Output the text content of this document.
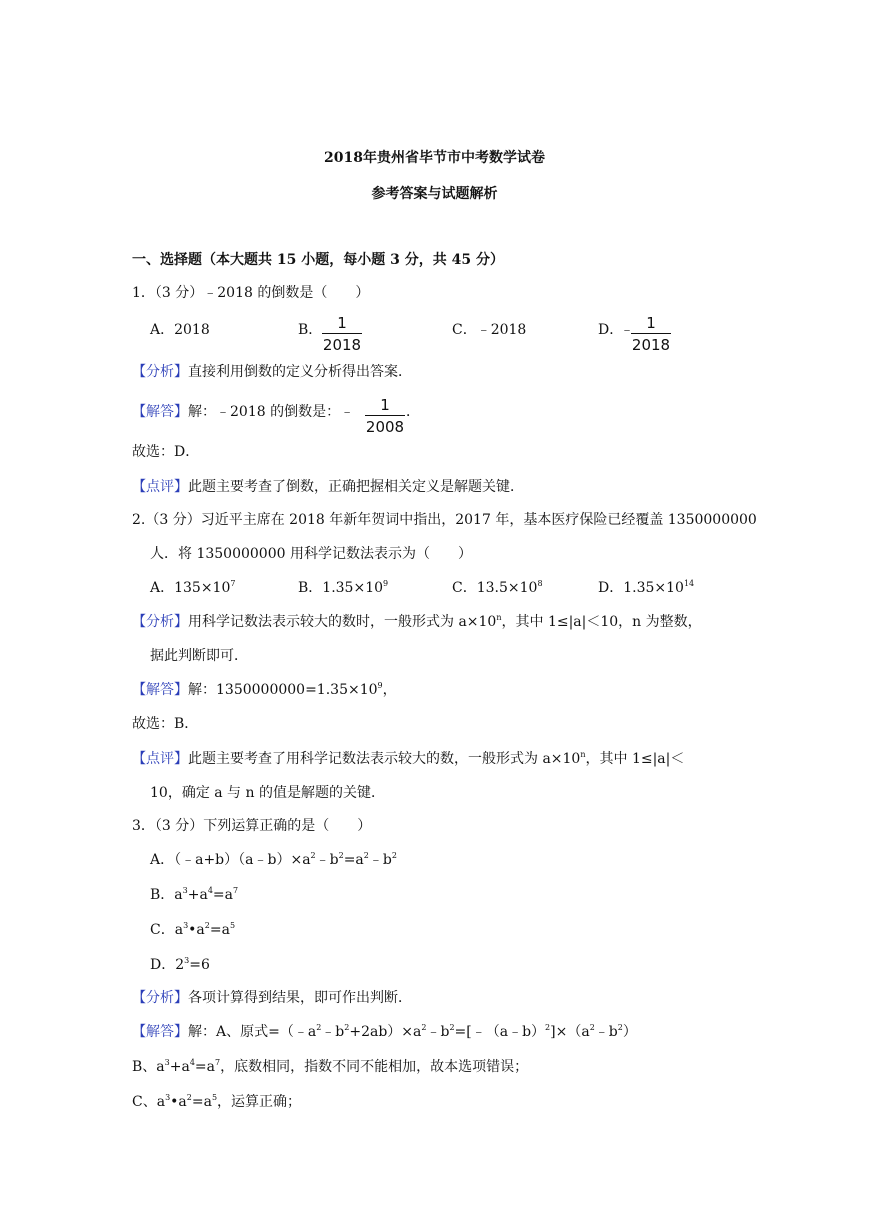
2018年贵州省毕节市中考数学试卷
参考答案与试题解析
一、选择题（本大题共 15 小题，每小题 3 分，共 45 分）
1．（3 分）﹣2018 的倒数是（　　）
A．2018	B． 1
2018
C．﹣2018	D．
﹣ 1
2018
【分析】直接利用倒数的定义分析得出答案．
【解答】解：﹣2018 的倒数是：﹣	1
2008
．
故选：D．
【点评】此题主要考查了倒数，正确把握相关定义是解题关键．
2.（3 分）习近平主席在 2018 年新年贺词中指出，2017 年，基本医疗保险已经覆盖 1350000000
人．将 1350000000 用科学记数法表示为（　　）
A．$135\times 10^7$	B．$1.35\times 10^9$	C．$13.5\times 10^8$	D．$1.35\times 10^{14}$
【分析】用科学记数法表示较大的数时，一般形式为 $a\times 10^n$，其中 1≤|a|＜10，n 为整数，
据此判断即可．
【解答】解：$1350000000=1.35\times 10^9$，
故选：B．
【点评】此题主要考查了用科学记数法表示较大的数，一般形式为 $a\times 10^n$，其中 1≤|a|＜
10，确定 a 与 n 的值是解题的关键．
3．（3 分）下列运算正确的是（　　）
A．$(﹣a+b)(a﹣b)\times a^2﹣b^2=a^2﹣b^2$
B．$a^3+a^4=a^7$
C．$a^3•a^2=a^5$
D．$2^3=6$
【分析】各项计算得到结果，即可作出判断．
【解答】解：A、原式$=(﹣a^2﹣b^2+2ab)\times a^2﹣b^2=[﹣(a﹣b)^2]\times(a^2﹣b^2)$
B、$a^3+a^4=a^7$，底数相同，指数不同不能相加，故本选项错误；
C、$a^3•a^2=a^5$，运算正确；
